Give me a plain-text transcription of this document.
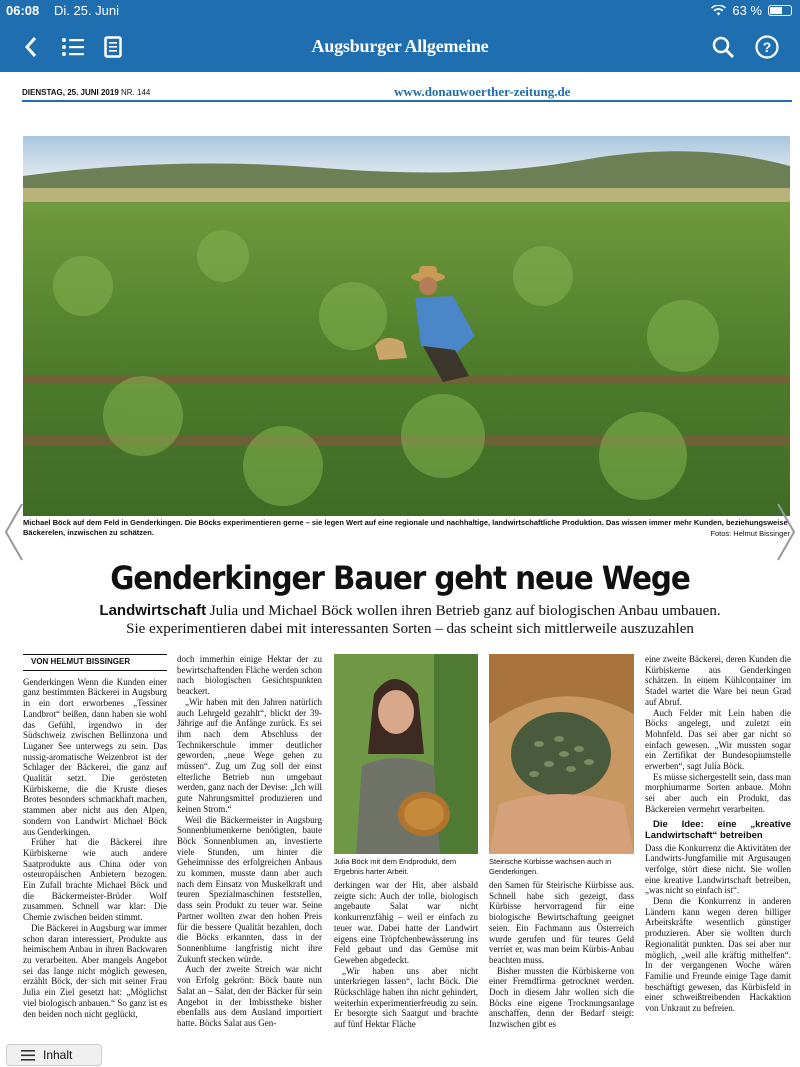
06:08 Di. 25. Juni	63 %
Augsburger Allgemeine	?
DIENSTAG, 25. JUNI 2019 NR. 144	www.donauwoerther-zeitung.de
Michael Böck auf dem Feld in Genderkingen. Die Böcks experimentieren gerne – sie legen Wert auf eine regionale und nachhaltige, landwirtschaftliche Produktion. Das wissen immer mehr Kunden, beziehungsweise Bäckerelen, inzwischen zu schätzen.	Fotos: Helmut Bissinger
Genderkinger Bauer geht neue Wege
Landwirtschaft Julia und Michael Böck wollen ihren Betrieb ganz auf biologischen Anbau umbauen.
Sie experimentieren dabei mit interessanten Sorten – das scheint sich mittlerweile auszuzahlen

VON HELMUT BISSINGER

Genderkingen Wenn die Kunden einer ganz bestimmten Bäckerei in Augsburg in ein dort erworbenes „Tessiner Landbrot“ beißen, dann haben sie wohl das Gefühl, irgendwo in der Südschweiz zwischen Bellinzona und Luganer See unterwegs zu sein. Das nussig-aromatische Weizenbrot ist der Schlager der Bäckerei, die ganz auf Qualität setzt. Die gerösteten Kürbiskerne, die die Kruste dieses Brotes besonders schmackhaft machen, stammen aber nicht aus den Alpen, sondern von Landwirt Michael Böck aus Genderkingen.

Früher hat die Bäckerei ihre Kürbiskerne wie auch andere Saatprodukte aus China oder von osteuropäischen Anbietern bezogen. Ein Zufall brachte Michael Böck und die Bäckermeister-Brüder Wolf zusammen. Schnell war klar: Die Chemie zwischen beiden stimmt.

Die Bäckerei in Augsburg war immer schon daran interessiert, Produkte aus heimischem Anbau in ihren Backwaren zu verarbeiten. Aber mangels Angebot sei das lange nicht möglich gewesen, erzählt Böck, der sich mit seiner Frau Julia ein Ziel gesetzt hat: „Möglichst viel biologisch anbauen.“ So ganz ist es den beiden noch nicht geglückt,

doch immerhin einige Hektar der zu bewirtschaftenden Fläche werden schon nach biologischen Gesichtspunkten beackert.

„Wir haben mit den Jahren natürlich auch Lehrgeld gezahlt“, blickt der 39-Jährige auf die Anfänge zurück. Es sei ihm nach dem Abschluss der Technikerschule immer deutlicher geworden, „neue Wege gehen zu müssen“. Zug um Zug soll der einst elterliche Betrieb nun umgebaut werden, ganz nach der Devise: „Ich will gute Nahrungsmittel produzieren und keinen Strom.“

Weil die Bäckermeister in Augsburg Sonnenblumenkerne benötigten, baute Böck Sonnenblumen an, investierte viele Stunden, um hinter die Geheimnisse des erfolgreichen Anbaus zu kommen, musste dann aber auch nach dem Einsatz von Muskelkraft und teuren Spezialmaschinen feststellen, dass sein Produkt zu teuer war. Seine Partner wollten zwar den hohen Preis für die bessere Qualität bezahlen, doch die Böcks erkannten, dass in der Sonnenblume langfristig nicht ihre Zukunft stecken würde.

Auch der zweite Streich war nicht von Erfolg gekrönt: Böck baute nun Salat an – Salat, den der Bäcker für sein Angebot in der Imbisstheke bisher ebenfalls aus dem Ausland importiert hatte. Böcks Salat aus Gen-

Julia Böck mit dem Endprodukt, dem Ergebnis harter Arbeit.
Steirische Kürbisse wachsen auch in Genderkingen.

derkingen war der Hit, aber alsbald zeigte sich: Auch der tolle, biologisch angebaute Salat war nicht konkurrenzfähig – weil er einfach zu teuer war. Dabei hatte der Landwirt eigens eine Tröpfchenbewässerung ins Feld gebaut und das Gemüse mit Geweben abgedeckt.

„Wir haben uns aber nicht unterkriegen lassen“, lacht Böck. Die Rückschläge haben ihn nicht gehindert, weiterhin experimentierfreudig zu sein. Er besorgte sich Saatgut und brachte auf fünf Hektar Fläche

den Samen für Steirische Kürbisse aus. Schnell habe sich gezeigt, dass Kürbisse hervorragend für eine biologische Bewirtschaftung geeignet seien. Ein Fachmann aus Österreich wurde gerufen und für teures Geld verriet er, was man beim Kürbis-Anbau beachten muss.

Bisher mussten die Kürbiskerne von einer Fremdfirma getrocknet werden. Doch in diesem Jahr wollen sich die Böcks eine eigene Trocknungsanlage anschaffen, denn der Bedarf steigt: Inzwischen gibt es

eine zweite Bäckerei, deren Kunden die Kürbiskerne aus Genderkingen schätzen. In einem Kühlcontainer im Stadel wartet die Ware bei neun Grad auf Abruf.

Auch Felder mit Lein haben die Böcks angelegt, und zuletzt ein Mohnfeld. Das sei aber gar nicht so einfach gewesen. „Wir mussten sogar ein Zertifikat der Bundesopiumstelle erwerben“, sagt Julia Böck.

Es müsse sichergestellt sein, dass man morphiumarme Sorten anbaue. Mohn sei aber auch ein Produkt, das Bäckereien vermehrt verarbeiten.

Die Idee: eine „kreative Landwirtschaft“ betreiben

Dass die Konkurrenz die Aktivitäten der Landwirts-Jungfamilie mit Argusaugen verfolge, stört diese nicht. Sie wollen eine kreative Landwirtschaft betreiben, „was nicht so einfach ist“.

Denn die Konkurrenz in anderen Ländern kann wegen deren billiger Arbeitskräfte wesentlich günstiger produzieren. Aber sie wollten durch Regionalität punkten. Das sei aber nur möglich, „weil alle kräftig mithelfen“. In der vergangenen Woche wären Familie und Freunde einige Tage damit beschäftigt gewesen, das Kürbisfeld in einer schweißtreibenden Hackaktion von Unkraut zu befreien.

Inhalt
